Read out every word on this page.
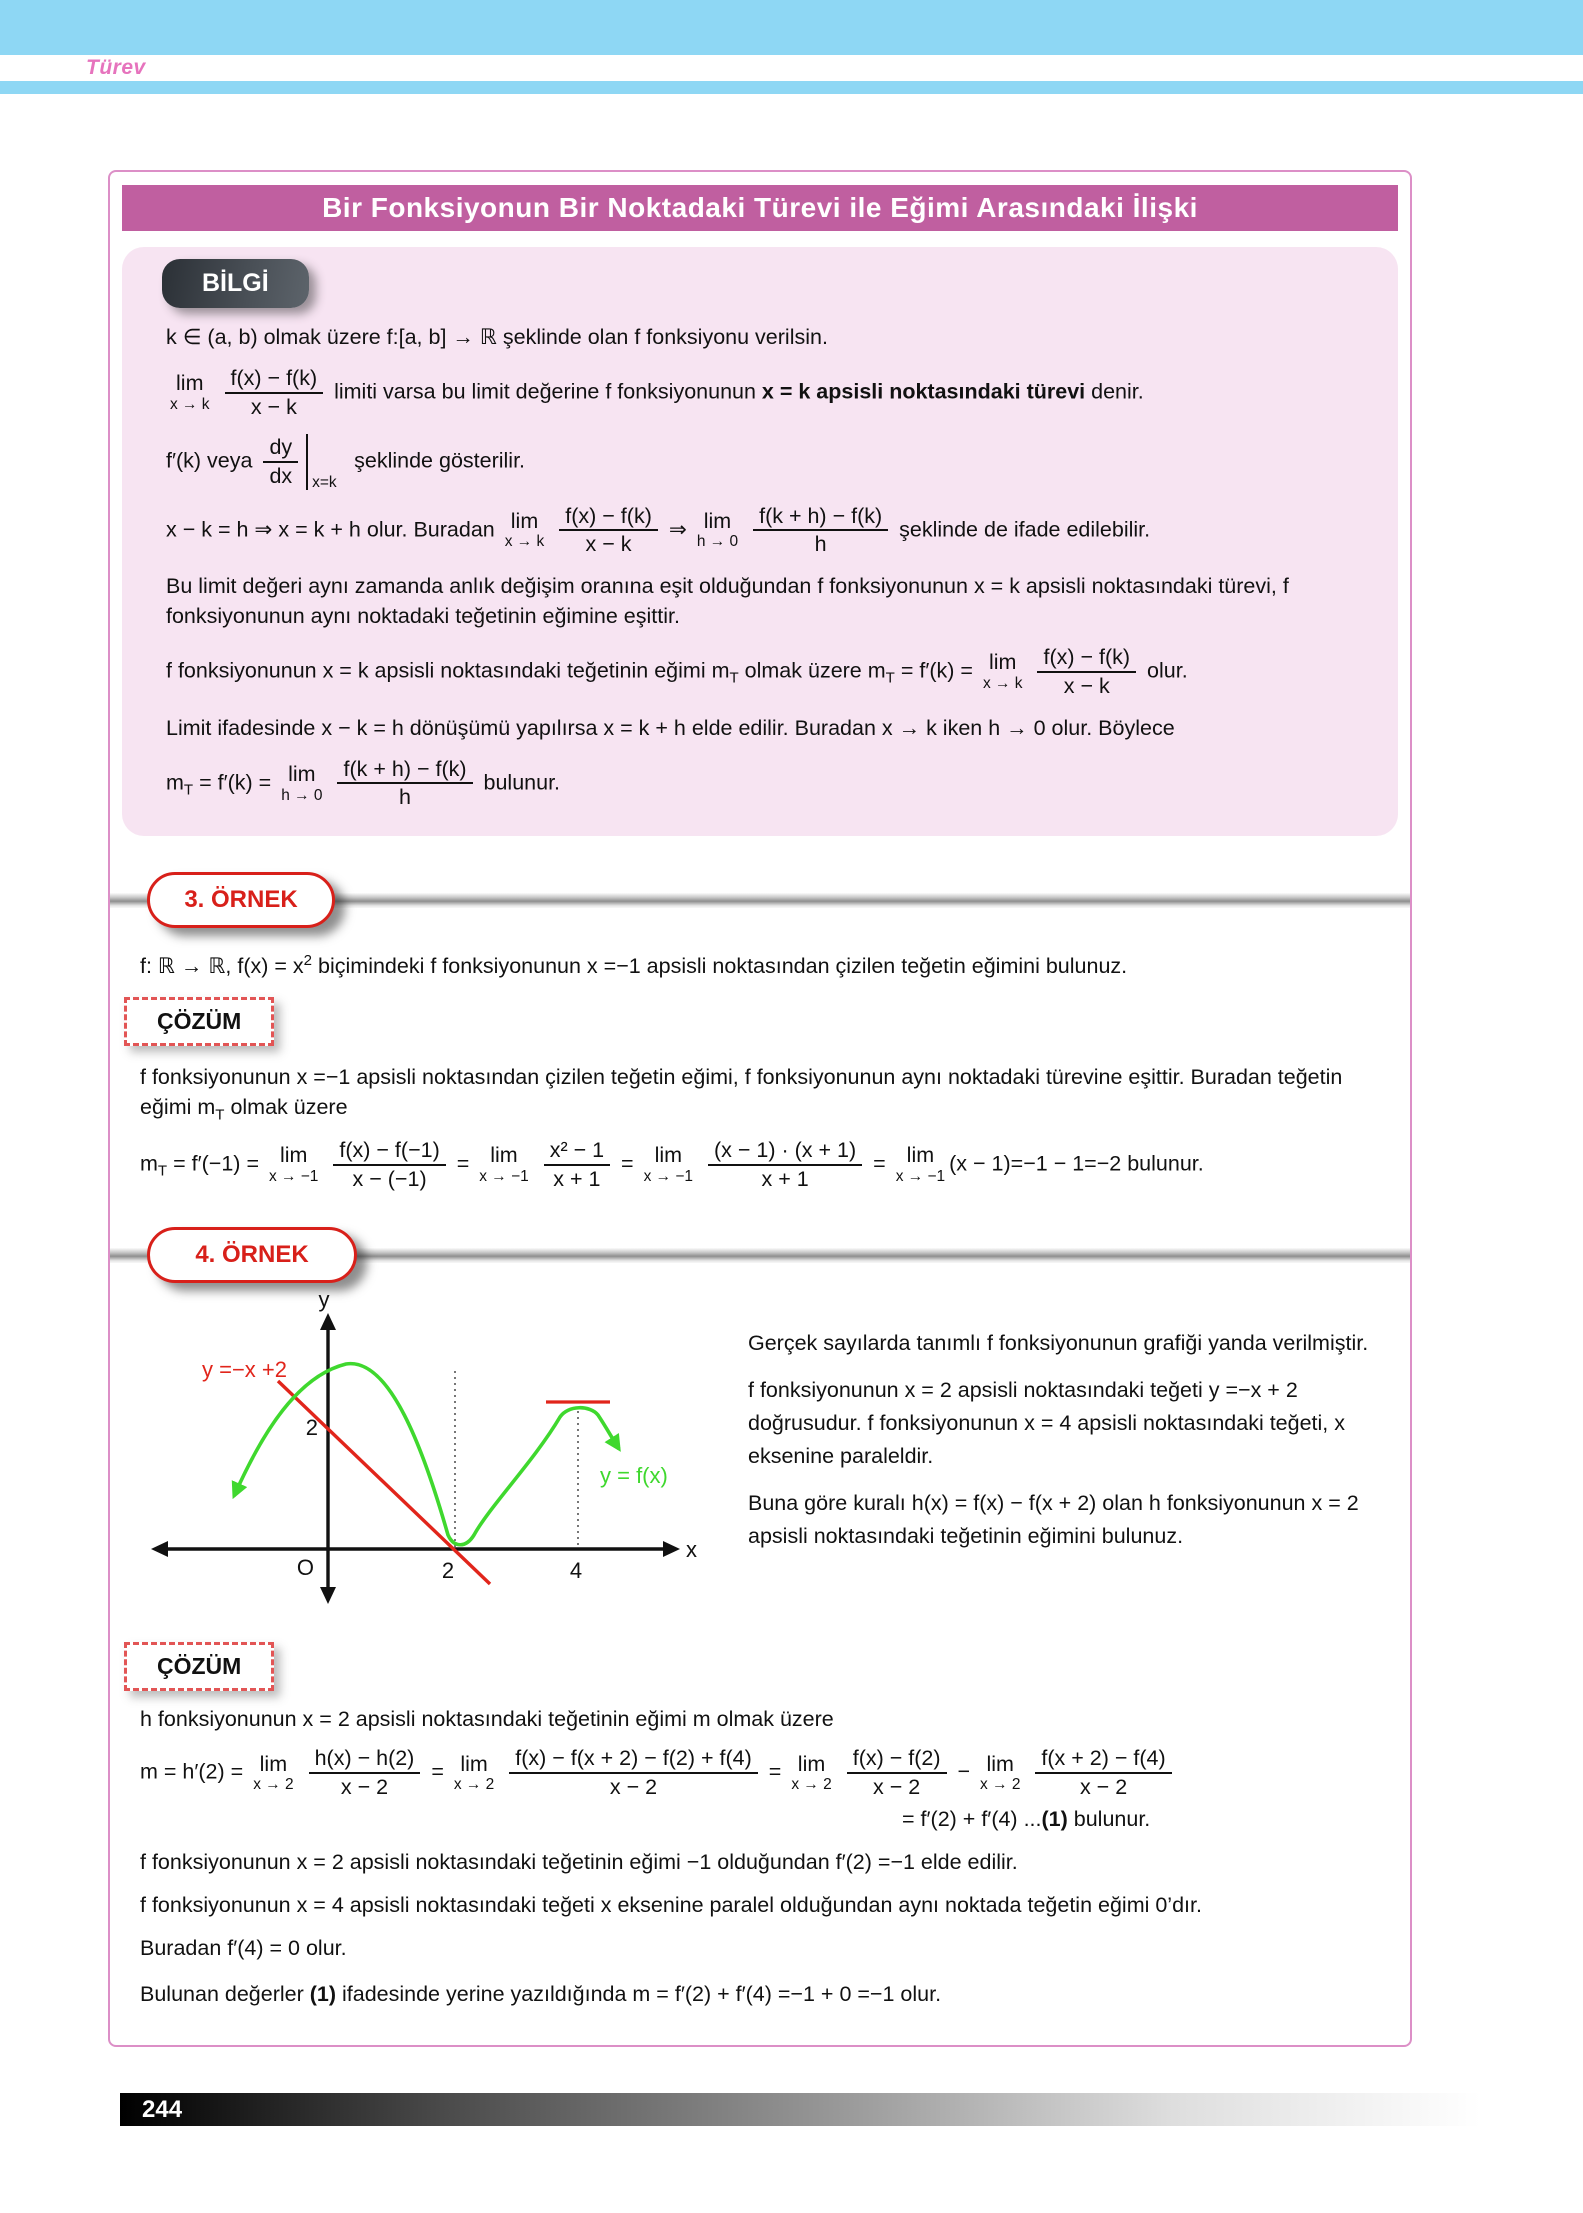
Türev
Bir Fonksiyonun Bir Noktadaki Türevi ile Eğimi Arasındaki İlişki
BİLGİ

k ∈ (a, b) olmak üzere f:[a, b] → ℝ şeklinde olan f fonksiyonu verilsin.

lim
x → k
$\frac{f(x) - f(k)}{x - k}$ limiti varsa bu limit değerine f fonksiyonunun x = k apsisli noktasındaki türevi denir.

f′(k) veya $\frac{dy}{dx} x=k$
şeklinde gösterilir.

x − k = h ⇒ x = k + h olur. Buradan lim
x → k
$\frac{f(x) - f(k)}{x - k}$ ⇒ lim
h → 0
$\frac{f(k + h) - f(k)}{h}$ şeklinde de ifade edilebilir.

Bu limit değeri aynı zamanda anlık değişim oranına eşit olduğundan f fonksiyonunun x = k apsisli noktasındaki türevi, f fonksiyonunun aynı noktadaki teğetinin eğimine eşittir.

f fonksiyonunun x = k apsisli noktasındaki teğetinin eğimi $m_T$ olmak üzere $m_T = f'(k) = \lim$
x → k
$\frac{f(x) - f(k)}{x - k}$ olur.

Limit ifadesinde x − k = h dönüşümü yapılırsa x = k + h elde edilir. Buradan x → k iken h → 0 olur. Böylece

$m_T = f'(k) = \lim$
h → 0
$\frac{f(k + h) - f(k)}{h}$ bulunur.

3. ÖRNEK

f: ℝ → ℝ, $f(x) = x^2$ biçimindeki f fonksiyonunun x =−1 apsisli noktasından çizilen teğetin eğimini bulunuz.

ÇÖZÜM

f fonksiyonunun x =−1 apsisli noktasından çizilen teğetin eğimi, f fonksiyonunun aynı noktadaki türevine eşittir. Buradan teğetin eğimi $m_T$ olmak üzere

$m_T = f'(-1) = \lim$
x → −1
$\frac{f(x) - f(-1)}{x - (-1)} = \lim$
x → −1
$\frac{\text{x² − 1}}{x + 1} = \lim$
x → −1
$\frac{(x - 1) \cdot (x + 1)}{x + 1} = \lim$
x → −1
(x − 1)=−1 − 1=−2 bulunur.

4. ÖRNEK
y
x
O
2
2	4
y =−x +2
y = f(x)

Gerçek sayılarda tanımlı f fonksiyonunun grafiği yanda verilmiştir.

f fonksiyonunun x = 2 apsisli noktasındaki teğeti y =−x + 2 doğrusudur. f fonksiyonunun x = 4 apsisli noktasındaki teğeti, x eksenine paraleldir.

Buna göre kuralı h(x) = f(x) − f(x + 2) olan h fonksiyonunun x = 2 apsisli noktasındaki teğetinin eğimini bulunuz.

ÇÖZÜM

h fonksiyonunun x = 2 apsisli noktasındaki teğetinin eğimi m olmak üzere

m = h′(2) = lim
x → 2
$\frac{h(x) - h(2)}{x - 2} = \lim$
x → 2
$\frac{f(x) - f(x + 2) - f(2) + f(4)}{x - 2} = \lim$
x → 2
$\frac{f(x) - f(2)}{x - 2} - \lim$
x → 2
$\frac{f(x + 2) - f(4)}{x - 2}$

= f′(2) + f′(4) ...(1) bulunur.

f fonksiyonunun x = 2 apsisli noktasındaki teğetinin eğimi −1 olduğundan f′(2) =−1 elde edilir.

f fonksiyonunun x = 4 apsisli noktasındaki teğeti x eksenine paralel olduğundan aynı noktada teğetin eğimi 0’dır.

Buradan f′(4) = 0 olur.

Bulunan değerler (1) ifadesinde yerine yazıldığında m = f′(2) + f′(4) =−1 + 0 =−1 olur.

244
